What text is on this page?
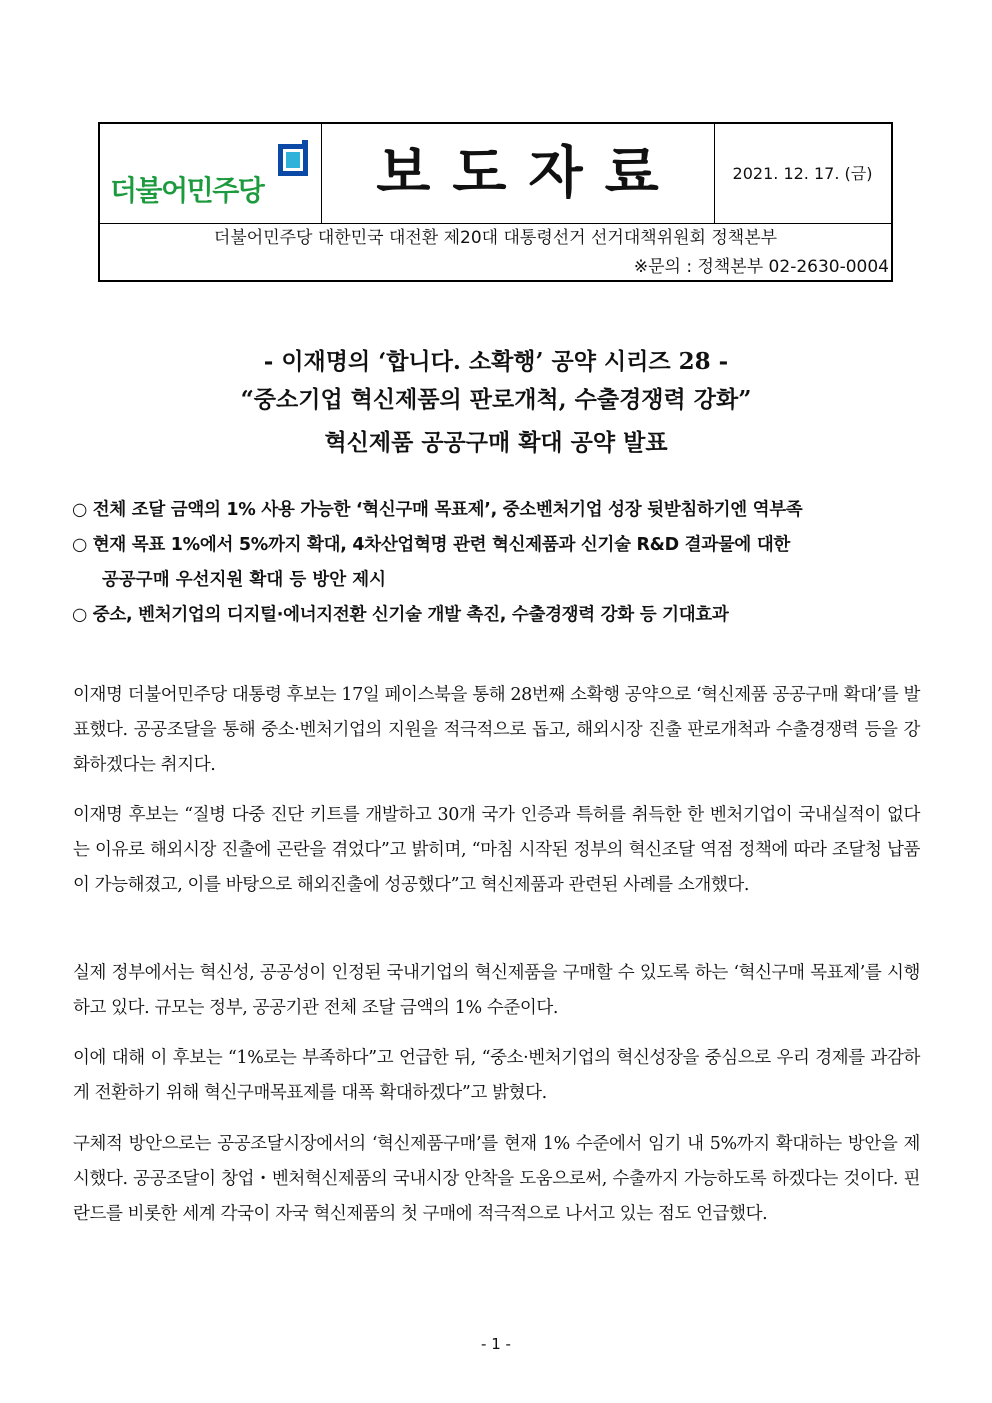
더불어민주당	보도자료	2021. 12. 17. (금)
더불어민주당 대한민국 대전환 제20대 대통령선거 선거대책위원회 정책본부
※문의 : 정책본부 02-2630-0004
- 이재명의 ‘합니다. 소확행’ 공약 시리즈 28 -
“중소기업 혁신제품의 판로개척, 수출경쟁력 강화”
혁신제품 공공구매 확대 공약 발표
○ 전체 조달 금액의 1% 사용 가능한 ‘혁신구매 목표제’, 중소벤처기업 성장 뒷받침하기엔 역부족
○ 현재 목표 1%에서 5%까지 확대, 4차산업혁명 관련 혁신제품과 신기술 R&D 결과물에 대한
공공구매 우선지원 확대 등 방안 제시
○ 중소, 벤처기업의 디지털·에너지전환 신기술 개발 촉진, 수출경쟁력 강화 등 기대효과

이재명 더불어민주당 대통령 후보는 17일 페이스북을 통해 28번째 소확행 공약으로 ‘혁신제품 공공구매 확대’를 발표했다. 공공조달을 통해 중소·벤처기업의 지원을 적극적으로 돕고, 해외시장 진출 판로개척과 수출경쟁력 등을 강화하겠다는 취지다.

이재명 후보는 “질병 다중 진단 키트를 개발하고 30개 국가 인증과 특허를 취득한 한 벤처기업이 국내실적이 없다는 이유로 해외시장 진출에 곤란을 겪었다”고 밝히며, “마침 시작된 정부의 혁신조달 역점 정책에 따라 조달청 납품이 가능해졌고, 이를 바탕으로 해외진출에 성공했다”고 혁신제품과 관련된 사례를 소개했다.

실제 정부에서는 혁신성, 공공성이 인정된 국내기업의 혁신제품을 구매할 수 있도록 하는 ‘혁신구매 목표제’를 시행하고 있다. 규모는 정부, 공공기관 전체 조달 금액의 1% 수준이다.

이에 대해 이 후보는 “1%로는 부족하다”고 언급한 뒤, “중소·벤처기업의 혁신성장을 중심으로 우리 경제를 과감하게 전환하기 위해 혁신구매목표제를 대폭 확대하겠다”고 밝혔다.

구체적 방안으로는 공공조달시장에서의 ‘혁신제품구매’를 현재 1% 수준에서 임기 내 5%까지 확대하는 방안을 제시했다. 공공조달이 창업・벤처혁신제품의 국내시장 안착을 도움으로써, 수출까지 가능하도록 하겠다는 것이다. 핀란드를 비롯한 세계 각국이 자국 혁신제품의 첫 구매에 적극적으로 나서고 있는 점도 언급했다.

- 1 -
